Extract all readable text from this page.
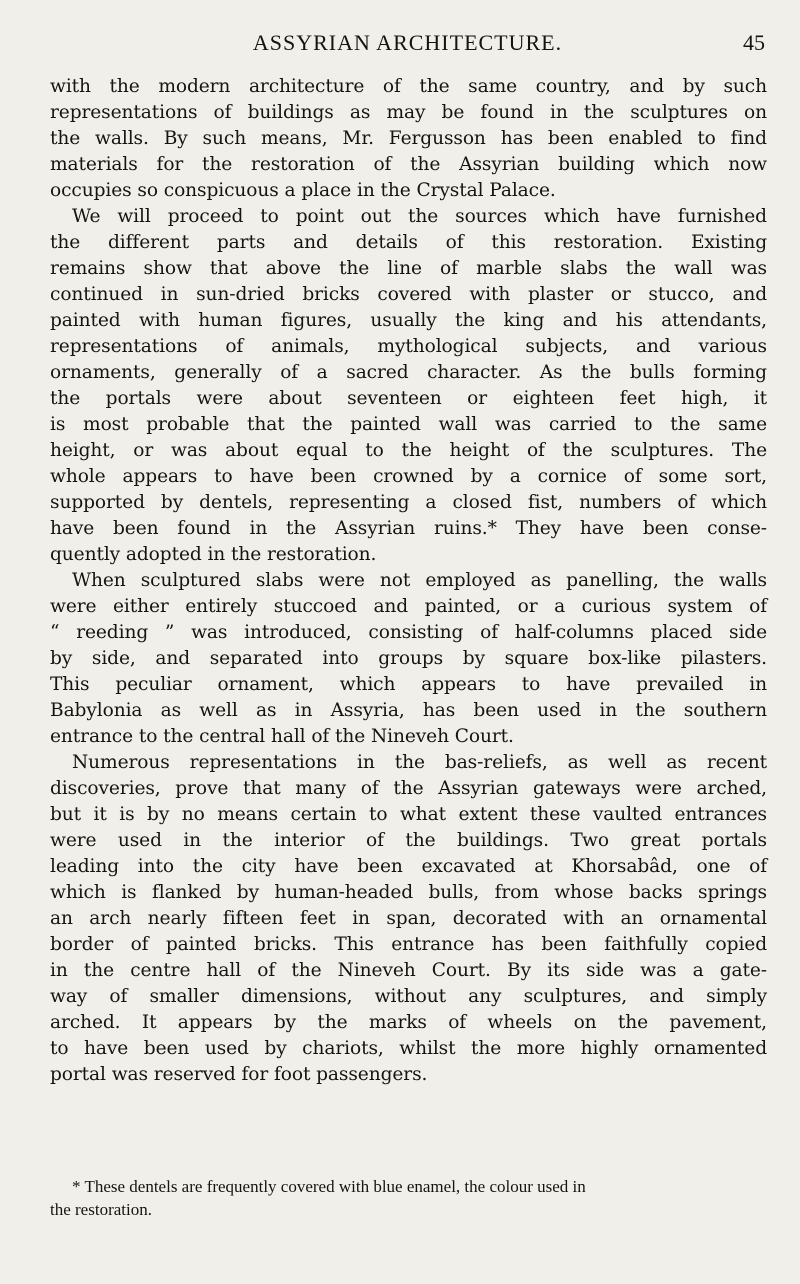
ASSYRIAN ARCHITECTURE.	45
with the modern architecture of the same country, and by such
representations of buildings as may be found in the sculptures on
the walls. By such means, Mr. Fergusson has been enabled to find
materials for the restoration of the Assyrian building which now
occupies so conspicuous a place in the Crystal Palace.
We will proceed to point out the sources which have furnished
the different parts and details of this restoration. Existing
remains show that above the line of marble slabs the wall was
continued in sun-dried bricks covered with plaster or stucco, and
painted with human figures, usually the king and his attendants,
representations of animals, mythological subjects, and various
ornaments, generally of a sacred character. As the bulls forming
the portals were about seventeen or eighteen feet high, it
is most probable that the painted wall was carried to the same
height, or was about equal to the height of the sculptures. The
whole appears to have been crowned by a cornice of some sort,
supported by dentels, representing a closed fist, numbers of which
have been found in the Assyrian ruins.* They have been conse-
quently adopted in the restoration.
When sculptured slabs were not employed as panelling, the walls
were either entirely stuccoed and painted, or a curious system of
“ reeding ” was introduced, consisting of half-columns placed side
by side, and separated into groups by square box-like pilasters.
This peculiar ornament, which appears to have prevailed in
Babylonia as well as in Assyria, has been used in the southern
entrance to the central hall of the Nineveh Court.
Numerous representations in the bas-reliefs, as well as recent
discoveries, prove that many of the Assyrian gateways were arched,
but it is by no means certain to what extent these vaulted entrances
were used in the interior of the buildings. Two great portals
leading into the city have been excavated at Khorsabâd, one of
which is flanked by human-headed bulls, from whose backs springs
an arch nearly fifteen feet in span, decorated with an ornamental
border of painted bricks. This entrance has been faithfully copied
in the centre hall of the Nineveh Court. By its side was a gate-
way of smaller dimensions, without any sculptures, and simply
arched. It appears by the marks of wheels on the pavement,
to have been used by chariots, whilst the more highly ornamented
portal was reserved for foot passengers.
* These dentels are frequently covered with blue enamel, the colour used in
the restoration.
